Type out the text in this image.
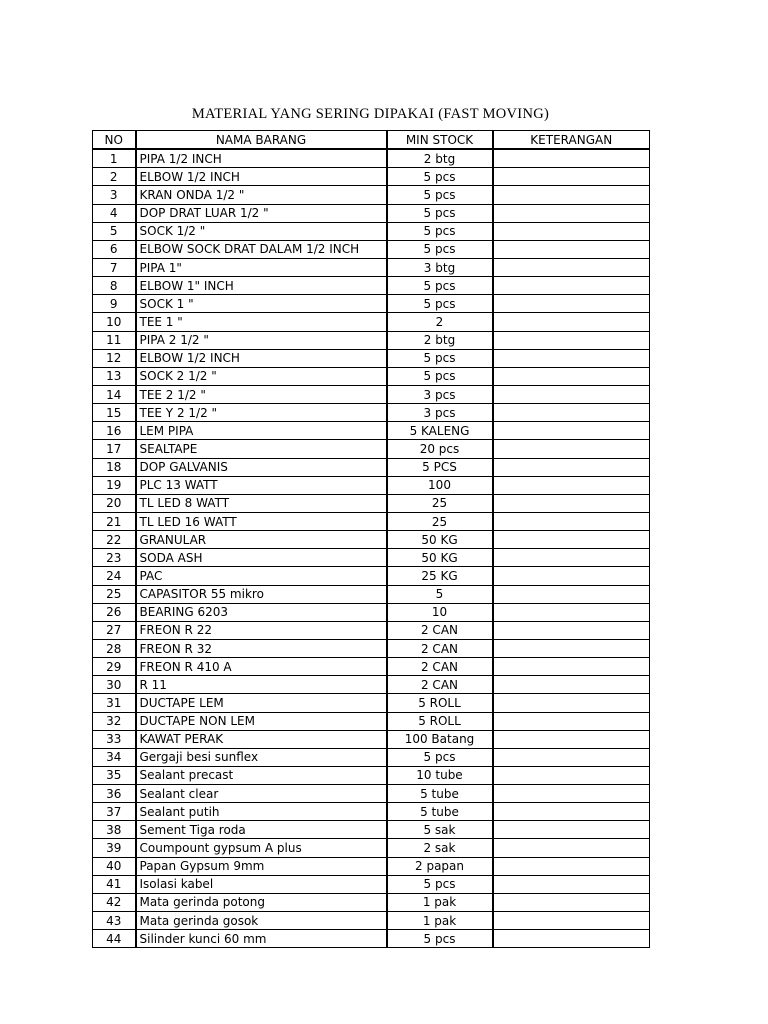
MATERIAL YANG SERING DIPAKAI (FAST MOVING)
NO	NAMA BARANG	MIN STOCK	KETERANGAN
1	PIPA 1/2 INCH	2 btg	
2	ELBOW 1/2 INCH	5 pcs	
3	KRAN ONDA 1/2 "	5 pcs	
4	DOP DRAT LUAR 1/2 "	5 pcs	
5	SOCK 1/2 "	5 pcs	
6	ELBOW SOCK DRAT DALAM 1/2 INCH	5 pcs	
7	PIPA 1"	3 btg	
8	ELBOW 1" INCH	5 pcs	
9	SOCK 1 "	5 pcs	
10	TEE 1 "	2	
11	PIPA 2 1/2 "	2 btg	
12	ELBOW 1/2 INCH	5 pcs	
13	SOCK 2 1/2 "	5 pcs	
14	TEE 2 1/2 "	3 pcs	
15	TEE Y 2 1/2 "	3 pcs	
16	LEM PIPA	5 KALENG	
17	SEALTAPE	20 pcs	
18	DOP GALVANIS	5 PCS	
19	PLC 13 WATT	100	
20	TL LED 8 WATT	25	
21	TL LED 16 WATT	25	
22	GRANULAR	50 KG	
23	SODA ASH	50 KG	
24	PAC	25 KG	
25	CAPASITOR 55 mikro	5	
26	BEARING 6203	10	
27	FREON R 22	2 CAN	
28	FREON R 32	2 CAN	
29	FREON R 410 A	2 CAN	
30	R 11	2 CAN	
31	DUCTAPE LEM	5 ROLL	
32	DUCTAPE NON LEM	5 ROLL	
33	KAWAT PERAK	100 Batang	
34	Gergaji besi sunflex	5 pcs	
35	Sealant precast	10 tube	
36	Sealant clear	5 tube	
37	Sealant putih	5 tube	
38	Sement Tiga roda	5 sak	
39	Coumpount gypsum A plus	2 sak	
40	Papan Gypsum 9mm	2 papan	
41	Isolasi kabel	5 pcs	
42	Mata gerinda potong	1 pak	
43	Mata gerinda gosok	1 pak	
44	Silinder kunci 60 mm	5 pcs	
